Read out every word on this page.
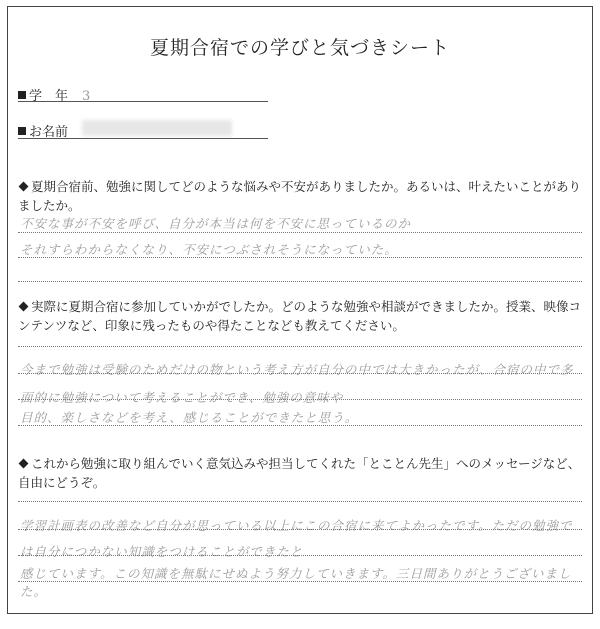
夏期合宿での学びと気づきシート
学　年 3
お名前
夏期合宿前、勉強に関してどのような悩みや不安がありましたか。あるいは、叶えたいことがありましたか。
不安な事が不安を呼び、自分が本当は何を不安に思っているのか
それすらわからなくなり、不安につぶされそうになっていた。
実際に夏期合宿に参加していかがでしたか。どのような勉強や相談ができましたか。授業、映像コンテンツなど、印象に残ったものや得たことなども教えてください。
今まで勉強は受験のためだけの物という考え方が自分の中では大きかったが、合宿の中で多面的に勉強について考えることができ、勉強の意味や
目的、楽しさなどを考え、感じることができたと思う。
これから勉強に取り組んでいく意気込みや担当してくれた「とことん先生」へのメッセージなど、自由にどうぞ。
学習計画表の改善など自分が思っている以上にこの合宿に来てよかったです。ただの勉強では自分につかない知識をつけることができたと
感じています。この知識を無駄にせぬよう努力していきます。三日間ありがとうございました。
